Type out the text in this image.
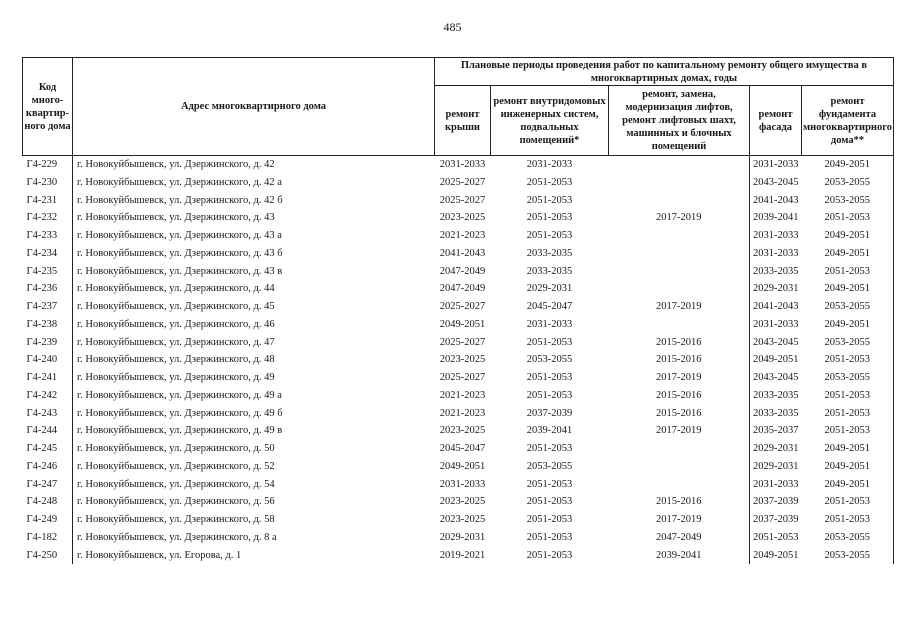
485
Код много-квартир-ного дома	Адрес многоквартирного дома	Плановые периоды проведения работ по капитальному ремонту общего имущества в многоквартирных домах, годы				
		ремонт крыши	ремонт внутридомовых инженерных систем, подвальных помещений*	ремонт, замена, модернизация лифтов, ремонт лифтовых шахт, машинных и блочных помещений	ремонт фасада	ремонт фундамента многоквартирного дома**
Г4-229	г. Новокуйбышевск, ул. Дзержинского, д. 42	2031-2033	2031-2033		2031-2033	2049-2051
Г4-230	г. Новокуйбышевск, ул. Дзержинского, д. 42 а	2025-2027	2051-2053		2043-2045	2053-2055
Г4-231	г. Новокуйбышевск, ул. Дзержинского, д. 42 б	2025-2027	2051-2053		2041-2043	2053-2055
Г4-232	г. Новокуйбышевск, ул. Дзержинского, д. 43	2023-2025	2051-2053	2017-2019	2039-2041	2051-2053
Г4-233	г. Новокуйбышевск, ул. Дзержинского, д. 43 а	2021-2023	2051-2053		2031-2033	2049-2051
Г4-234	г. Новокуйбышевск, ул. Дзержинского, д. 43 б	2041-2043	2033-2035		2031-2033	2049-2051
Г4-235	г. Новокуйбышевск, ул. Дзержинского, д. 43 в	2047-2049	2033-2035		2033-2035	2051-2053
Г4-236	г. Новокуйбышевск, ул. Дзержинского, д. 44	2047-2049	2029-2031		2029-2031	2049-2051
Г4-237	г. Новокуйбышевск, ул. Дзержинского, д. 45	2025-2027	2045-2047	2017-2019	2041-2043	2053-2055
Г4-238	г. Новокуйбышевск, ул. Дзержинского, д. 46	2049-2051	2031-2033		2031-2033	2049-2051
Г4-239	г. Новокуйбышевск, ул. Дзержинского, д. 47	2025-2027	2051-2053	2015-2016	2043-2045	2053-2055
Г4-240	г. Новокуйбышевск, ул. Дзержинского, д. 48	2023-2025	2053-2055	2015-2016	2049-2051	2051-2053
Г4-241	г. Новокуйбышевск, ул. Дзержинского, д. 49	2025-2027	2051-2053	2017-2019	2043-2045	2053-2055
Г4-242	г. Новокуйбышевск, ул. Дзержинского, д. 49 а	2021-2023	2051-2053	2015-2016	2033-2035	2051-2053
Г4-243	г. Новокуйбышевск, ул. Дзержинского, д. 49 б	2021-2023	2037-2039	2015-2016	2033-2035	2051-2053
Г4-244	г. Новокуйбышевск, ул. Дзержинского, д. 49 в	2023-2025	2039-2041	2017-2019	2035-2037	2051-2053
Г4-245	г. Новокуйбышевск, ул. Дзержинского, д. 50	2045-2047	2051-2053		2029-2031	2049-2051
Г4-246	г. Новокуйбышевск, ул. Дзержинского, д. 52	2049-2051	2053-2055		2029-2031	2049-2051
Г4-247	г. Новокуйбышевск, ул. Дзержинского, д. 54	2031-2033	2051-2053		2031-2033	2049-2051
Г4-248	г. Новокуйбышевск, ул. Дзержинского, д. 56	2023-2025	2051-2053	2015-2016	2037-2039	2051-2053
Г4-249	г. Новокуйбышевск, ул. Дзержинского, д. 58	2023-2025	2051-2053	2017-2019	2037-2039	2051-2053
Г4-182	г. Новокуйбышевск, ул. Дзержинского, д. 8 а	2029-2031	2051-2053	2047-2049	2051-2053	2053-2055
Г4-250	г. Новокуйбышевск, ул. Егорова, д. 1	2019-2021	2051-2053	2039-2041	2049-2051	2053-2055
